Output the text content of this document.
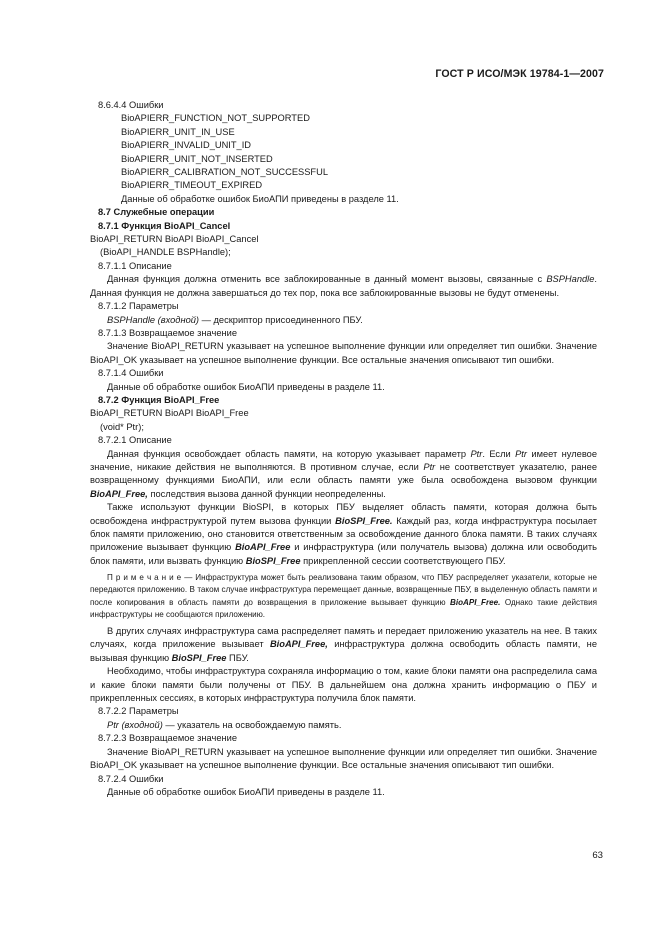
ГОСТ Р ИСО/МЭК 19784-1—2007
8.6.4.4 Ошибки
BioAPIERR_FUNCTION_NOT_SUPPORTED
BioAPIERR_UNIT_IN_USE
BioAPIERR_INVALID_UNIT_ID
BioAPIERR_UNIT_NOT_INSERTED
BioAPIERR_CALIBRATION_NOT_SUCCESSFUL
BioAPIERR_TIMEOUT_EXPIRED
Данные об обработке ошибок БиоАПИ приведены в разделе 11.
8.7 Служебные операции
8.7.1 Функция BioAPI_Cancel
BioAPI_RETURN BioAPI BioAPI_Cancel
(BioAPI_HANDLE BSPHandle);
8.7.1.1 Описание
Данная функция должна отменить все заблокированные в данный момент вызовы, связанные с BSPHandle. Данная функция не должна завершаться до тех пор, пока все заблокированные вызовы не будут отменены.
8.7.1.2 Параметры
BSPHandle (входной) — дескриптор присоединенного ПБУ.
8.7.1.3 Возвращаемое значение
Значение BioAPI_RETURN указывает на успешное выполнение функции или определяет тип ошибки. Значение BioAPI_OK указывает на успешное выполнение функции. Все остальные значения описывают тип ошибки.
8.7.1.4 Ошибки
Данные об обработке ошибок БиоАПИ приведены в разделе 11.
8.7.2 Функция BioAPI_Free
BioAPI_RETURN BioAPI BioAPI_Free
(void* Ptr);
8.7.2.1 Описание
Данная функция освобождает область памяти, на которую указывает параметр Ptr. Если Ptr имеет нулевое значение, никакие действия не выполняются. В противном случае, если Ptr не соответствует указателю, ранее возвращенному функциями БиоАПИ, или если область памяти уже была освобождена вызовом функции BioAPI_Free, последствия вызова данной функции неопределенны.
Также используют функции BioSPI, в которых ПБУ выделяет область памяти, которая должна быть освобождена инфраструктурой путем вызова функции BioSPI_Free. Каждый раз, когда инфраструктура посылает блок памяти приложению, оно становится ответственным за освобождение данного блока памяти. В таких случаях приложение вызывает функцию BioAPI_Free и инфраструктура (или получатель вызова) должна или освободить блок памяти, или вызвать функцию BioSPI_Free прикрепленной сессии соответствующего ПБУ.
П р и м е ч а н и е — Инфраструктура может быть реализована таким образом, что ПБУ распределяет указатели, которые не передаются приложению. В таком случае инфраструктура перемещает данные, возвращенные ПБУ, в выделенную область памяти и после копирования в область памяти до возвращения в приложение вызывает функцию BioAPI_Free. Однако такие действия инфраструктуры не сообщаются приложению.
В других случаях инфраструктура сама распределяет память и передает приложению указатель на нее. В таких случаях, когда приложение вызывает BioAPI_Free, инфраструктура должна освободить область памяти, не вызывая функцию BioSPI_Free ПБУ.
Необходимо, чтобы инфраструктура сохраняла информацию о том, какие блоки памяти она распределила сама и какие блоки памяти были получены от ПБУ. В дальнейшем она должна хранить информацию о ПБУ и прикрепленных сессиях, в которых инфраструктура получила блок памяти.
8.7.2.2 Параметры
Ptr (входной) — указатель на освобождаемую память.
8.7.2.3 Возвращаемое значение
Значение BioAPI_RETURN указывает на успешное выполнение функции или определяет тип ошибки. Значение BioAPI_OK указывает на успешное выполнение функции. Все остальные значения описывают тип ошибки.
8.7.2.4 Ошибки
Данные об обработке ошибок БиоАПИ приведены в разделе 11.
63
